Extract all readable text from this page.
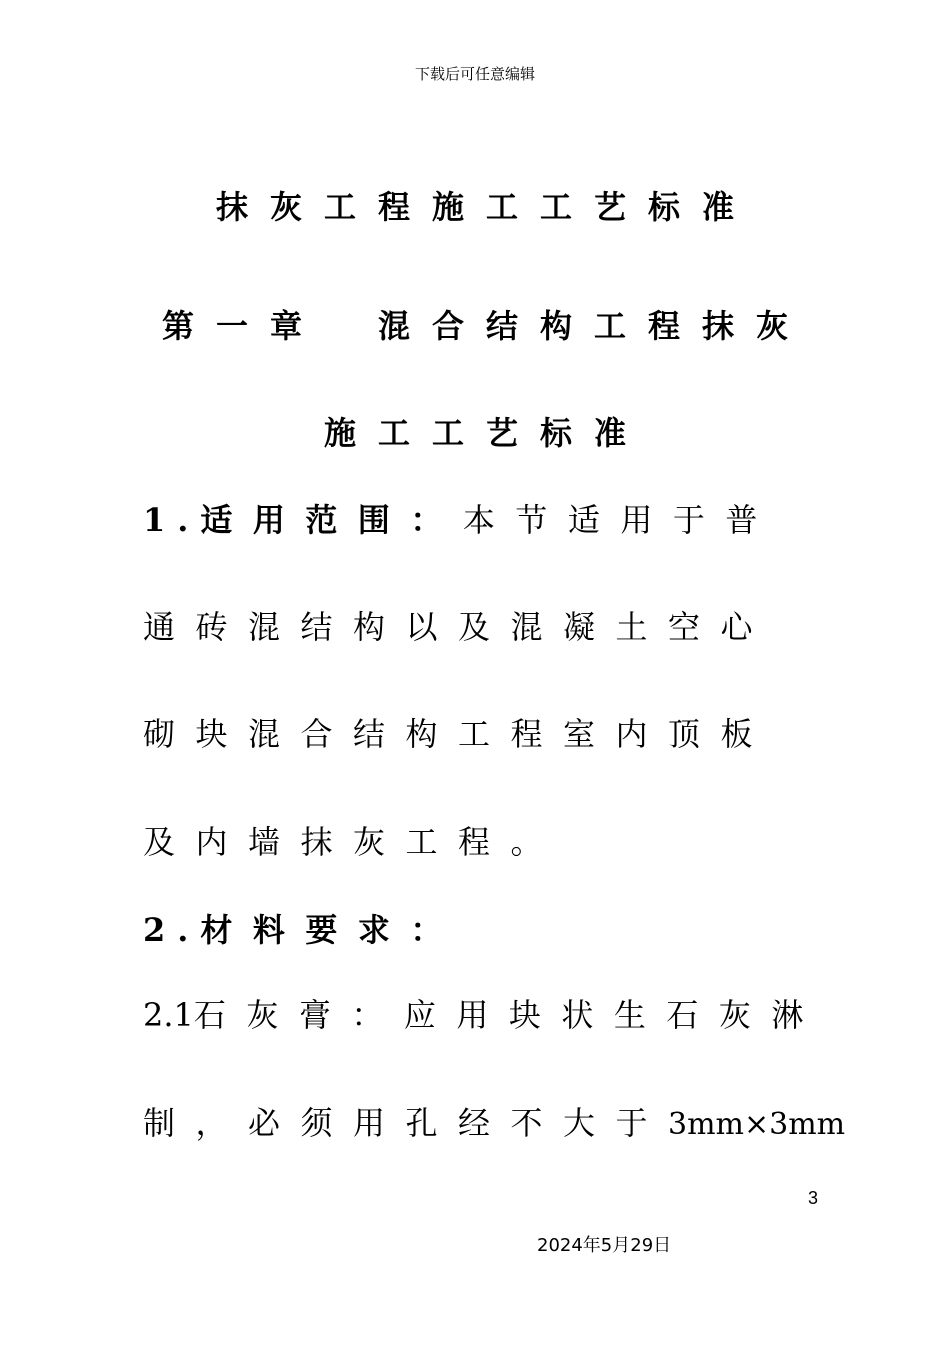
下载后可任意编辑
抹灰工程施工工艺标准
第一章　混合结构工程抹灰
施工工艺标准
1.适用范围：本节适用于普
通砖混结构以及混凝土空心
砌块混合结构工程室内顶板
及内墙抹灰工程。
2.材料要求：
2.1石灰膏：应用块状生石灰淋
制，必须用孔经不大于3mm×3mm
3
2024年5月29日
